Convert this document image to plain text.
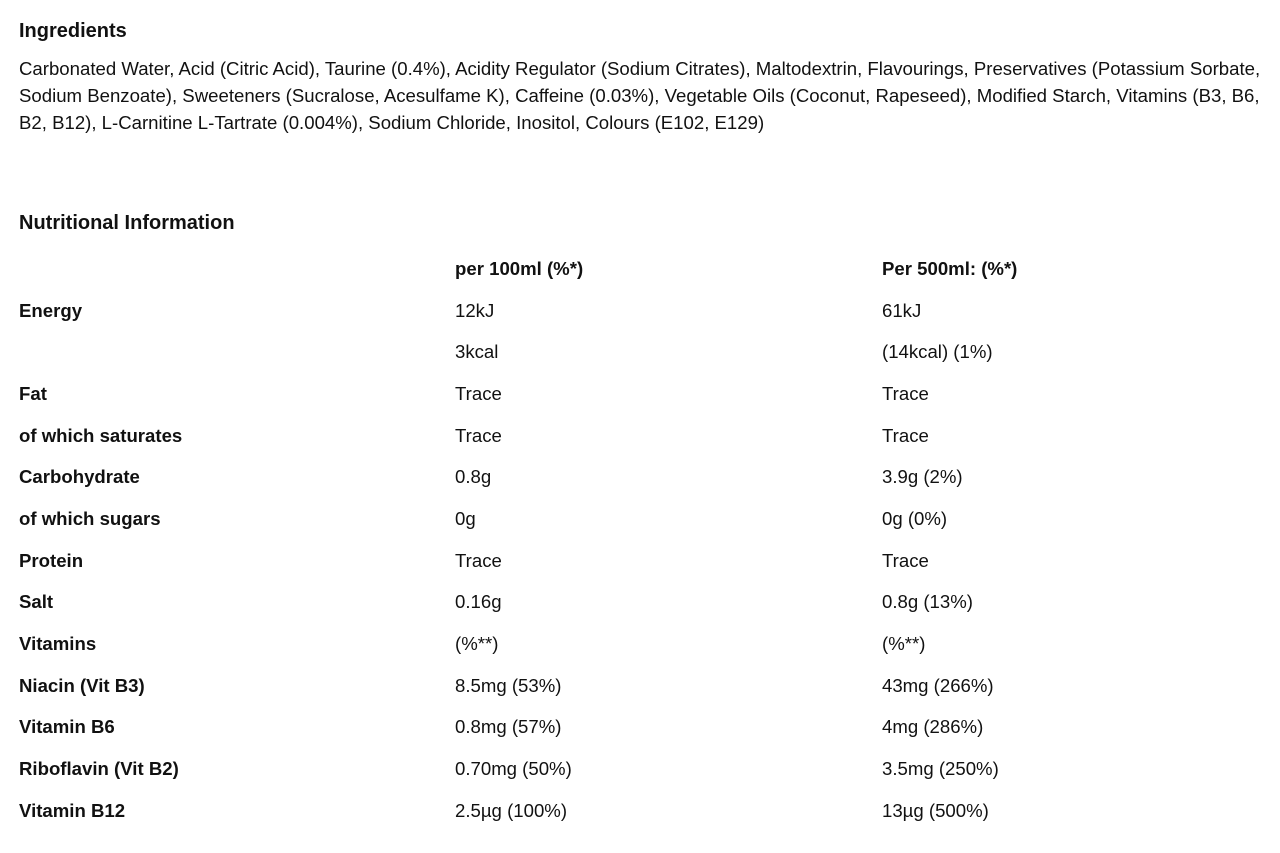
Ingredients

Carbonated Water, Acid (Citric Acid), Taurine (0.4%), Acidity Regulator (Sodium Citrates), Maltodextrin, Flavourings, Preservatives (Potassium Sorbate, Sodium Benzoate), Sweeteners (Sucralose, Acesulfame K), Caffeine (0.03%), Vegetable Oils (Coconut, Rapeseed), Modified Starch, Vitamins (B3, B6, B2, B12), L-Carnitine L-Tartrate (0.004%), Sodium Chloride, Inositol, Colours (E102, E129)

Nutritional Information
	per 100ml (%*)	Per 500ml: (%*)
Energy	12kJ	61kJ
	3kcal	(14kcal) (1%)
Fat	Trace	Trace
of which saturates	Trace	Trace
Carbohydrate	0.8g	3.9g (2%)
of which sugars	0g	0g (0%)
Protein	Trace	Trace
Salt	0.16g	0.8g (13%)
Vitamins	(%**)	(%**)
Niacin (Vit B3)	8.5mg (53%)	43mg (266%)
Vitamin B6	0.8mg (57%)	4mg (286%)
Riboflavin (Vit B2)	0.70mg (50%)	3.5mg (250%)
Vitamin B12	2.5µg (100%)	13µg (500%)
